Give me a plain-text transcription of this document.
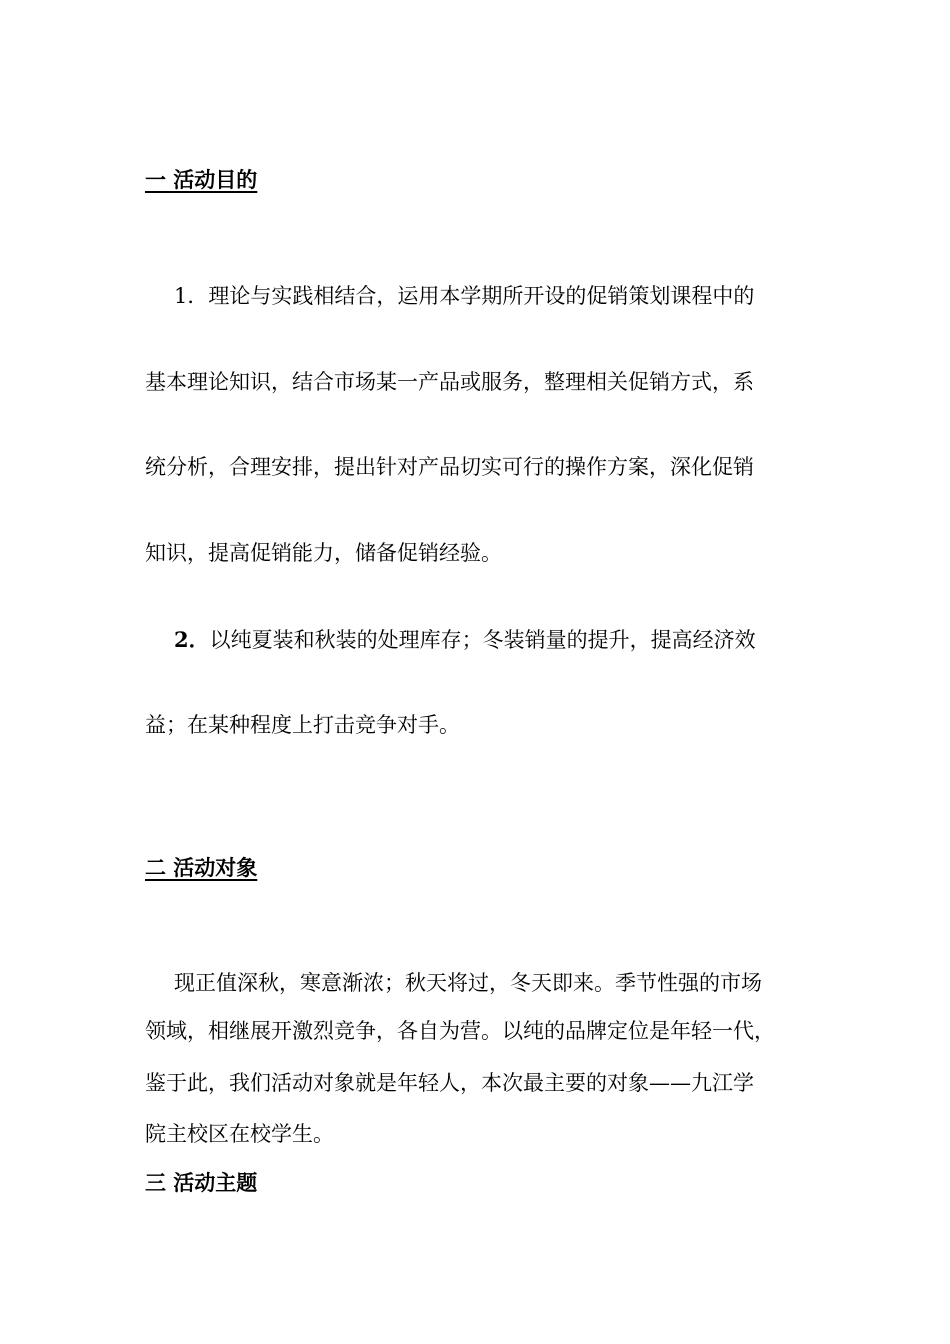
一 活动目的
1．理论与实践相结合，运用本学期所开设的促销策划课程中的
基本理论知识，结合市场某一产品或服务，整理相关促销方式，系
统分析，合理安排，提出针对产品切实可行的操作方案，深化促销
知识，提高促销能力，储备促销经验。
2．以纯夏装和秋装的处理库存；冬装销量的提升，提高经济效
益；在某种程度上打击竞争对手。
二 活动对象
现正值深秋，寒意渐浓；秋天将过，冬天即来。季节性强的市场
领域，相继展开激烈竞争，各自为营。以纯的品牌定位是年轻一代，
鉴于此，我们活动对象就是年轻人，本次最主要的对象——九江学
院主校区在校学生。
三 活动主题
